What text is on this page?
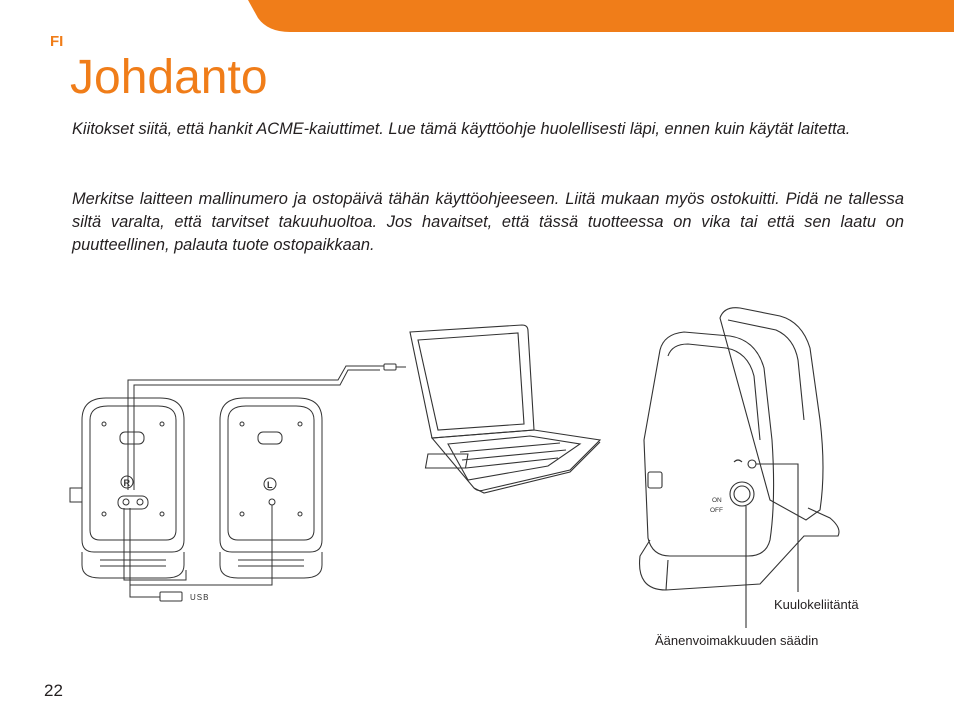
FI
Johdanto

Kiitokset siitä, että hankit ACME-kaiuttimet. Lue tämä käyttöohje huolellisesti läpi, ennen kuin käytät laitetta.

Merkitse laitteen mallinumero ja ostopäivä tähän käyttöohjeeseen. Liitä mukaan myös ostokuitti. Pidä ne tallessa siltä varalta, että tarvitset takuuhuoltoa. Jos havaitset, että tässä tuotteessa on vika tai että sen laatu on puutteellinen, palauta tuote ostopaikkaan.

R	L
USB
ON
OFF
Kuulokeliitäntä
Äänenvoimakkuuden säädin
22
